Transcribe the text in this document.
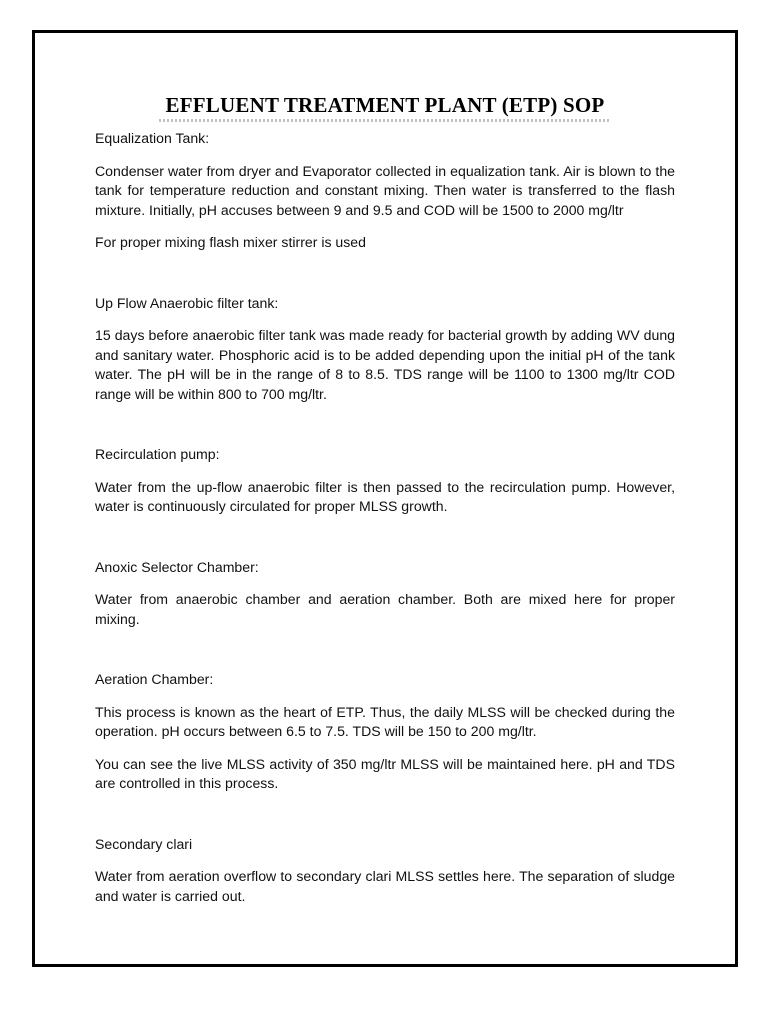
EFFLUENT TREATMENT PLANT (ETP) SOP

Equalization Tank:

Condenser water from dryer and Evaporator collected in equalization tank. Air is blown to the tank for temperature reduction and constant mixing. Then water is transferred to the flash mixture. Initially, pH accuses between 9 and 9.5 and COD will be 1500 to 2000 mg/ltr

For proper mixing flash mixer stirrer is used

Up Flow Anaerobic filter tank:

15 days before anaerobic filter tank was made ready for bacterial growth by adding WV dung and sanitary water. Phosphoric acid is to be added depending upon the initial pH of the tank water. The pH will be in the range of 8 to 8.5. TDS range will be 1100 to 1300 mg/ltr COD range will be within 800 to 700 mg/ltr.

Recirculation pump:

Water from the up-flow anaerobic filter is then passed to the recirculation pump. However, water is continuously circulated for proper MLSS growth.

Anoxic Selector Chamber:

Water from anaerobic chamber and aeration chamber. Both are mixed here for proper mixing.

Aeration Chamber:

This process is known as the heart of ETP. Thus, the daily MLSS will be checked during the operation. pH occurs between 6.5 to 7.5. TDS will be 150 to 200 mg/ltr.

You can see the live MLSS activity of 350 mg/ltr MLSS will be maintained here. pH and TDS are controlled in this process.

Secondary clari

Water from aeration overflow to secondary clari MLSS settles here. The separation of sludge and water is carried out.
